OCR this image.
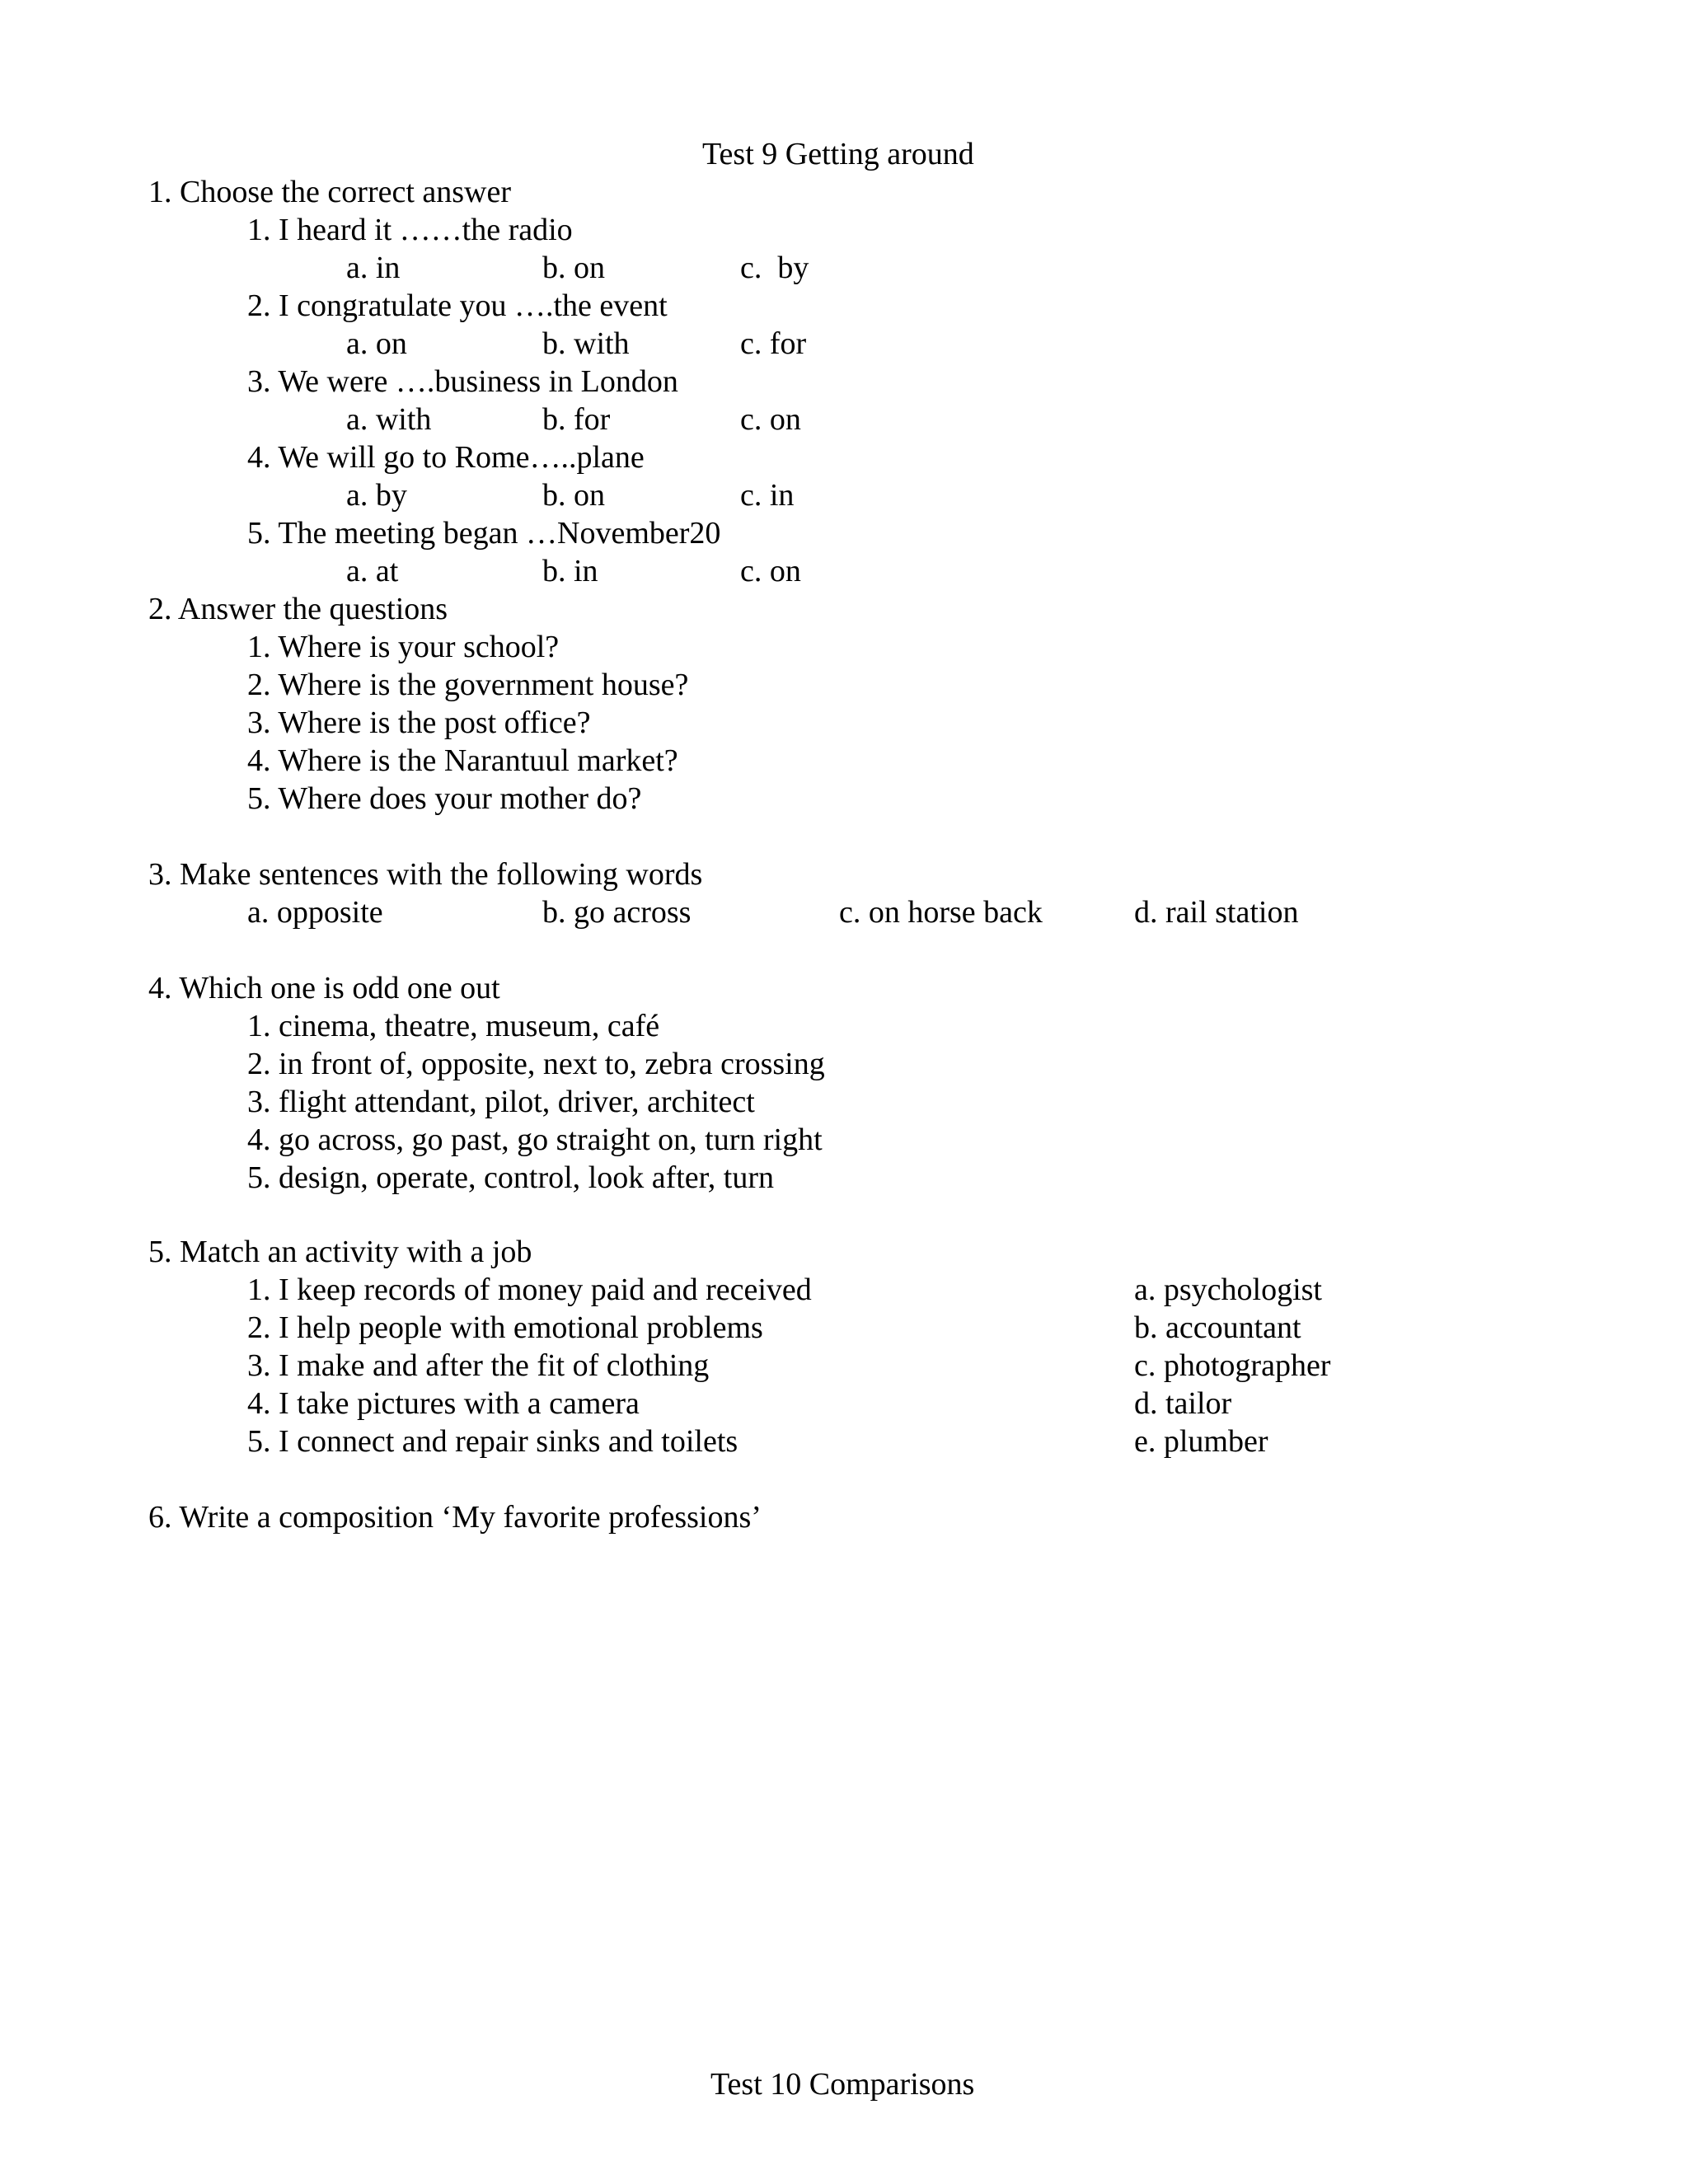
Test 9 Getting around
1. Choose the correct answer
1. I heard it ……the radio
a. in	b. on	c.  by
2. I congratulate you ….the event
a. on	b. with	c. for
3. We were ….business in London
a. with	b. for	c. on
4. We will go to Rome…..plane
a. by	b. on	c. in
5. The meeting began …November20
a. at	b. in	c. on
2. Answer the questions
1. Where is your school?
2. Where is the government house?
3. Where is the post office?
4. Where is the Narantuul market?
5. Where does your mother do?
3. Make sentences with the following words
a. opposite	b. go across	c. on horse back	d. rail station
4. Which one is odd one out
1. cinema, theatre, museum, café
2. in front of, opposite, next to, zebra crossing
3. flight attendant, pilot, driver, architect
4. go across, go past, go straight on, turn right
5. design, operate, control, look after, turn
5. Match an activity with a job
1. I keep records of money paid and received	a. psychologist
2. I help people with emotional problems	b. accountant
3. I make and after the fit of clothing	c. photographer
4. I take pictures with a camera	d. tailor
5. I connect and repair sinks and toilets	e. plumber
6. Write a composition ‘My favorite professions’
Test 10 Comparisons
